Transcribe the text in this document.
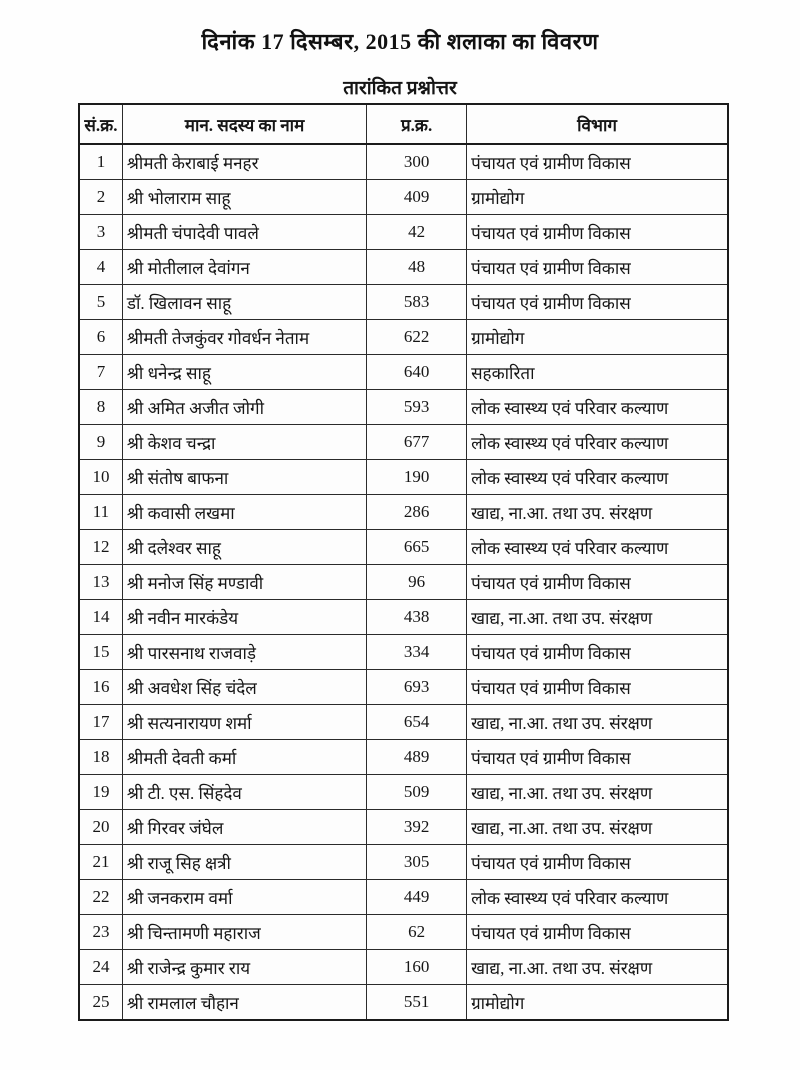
दिनांक 17 दिसम्बर, 2015 की शलाका का विवरण
तारांकित प्रश्नोत्तर
सं.क्र.	मान. सदस्य का नाम	प्र.क्र.	विभाग
1	श्रीमती केराबाई मनहर	300	पंचायत एवं ग्रामीण विकास
2	श्री भोलाराम साहू	409	ग्रामोद्योग
3	श्रीमती चंपादेवी पावले	42	पंचायत एवं ग्रामीण विकास
4	श्री मोतीलाल देवांगन	48	पंचायत एवं ग्रामीण विकास
5	डॉ. खिलावन साहू	583	पंचायत एवं ग्रामीण विकास
6	श्रीमती तेजकुंवर गोवर्धन नेताम	622	ग्रामोद्योग
7	श्री धनेन्द्र साहू	640	सहकारिता
8	श्री अमित अजीत जोगी	593	लोक स्वास्थ्य एवं परिवार कल्याण
9	श्री केशव चन्द्रा	677	लोक स्वास्थ्य एवं परिवार कल्याण
10	श्री संतोष बाफना	190	लोक स्वास्थ्य एवं परिवार कल्याण
11	श्री कवासी लखमा	286	खाद्य, ना.आ. तथा उप. संरक्षण
12	श्री दलेश्वर साहू	665	लोक स्वास्थ्य एवं परिवार कल्याण
13	श्री मनोज सिंह मण्डावी	96	पंचायत एवं ग्रामीण विकास
14	श्री नवीन मारकंडेय	438	खाद्य, ना.आ. तथा उप. संरक्षण
15	श्री पारसनाथ राजवाड़े	334	पंचायत एवं ग्रामीण विकास
16	श्री अवधेश सिंह चंदेल	693	पंचायत एवं ग्रामीण विकास
17	श्री सत्यनारायण शर्मा	654	खाद्य, ना.आ. तथा उप. संरक्षण
18	श्रीमती देवती कर्मा	489	पंचायत एवं ग्रामीण विकास
19	श्री टी. एस. सिंहदेव	509	खाद्य, ना.आ. तथा उप. संरक्षण
20	श्री गिरवर जंघेल	392	खाद्य, ना.आ. तथा उप. संरक्षण
21	श्री राजू सिह क्षत्री	305	पंचायत एवं ग्रामीण विकास
22	श्री जनकराम वर्मा	449	लोक स्वास्थ्य एवं परिवार कल्याण
23	श्री चिन्तामणी महाराज	62	पंचायत एवं ग्रामीण विकास
24	श्री राजेन्द्र कुमार राय	160	खाद्य, ना.आ. तथा उप. संरक्षण
25	श्री रामलाल चौहान	551	ग्रामोद्योग
